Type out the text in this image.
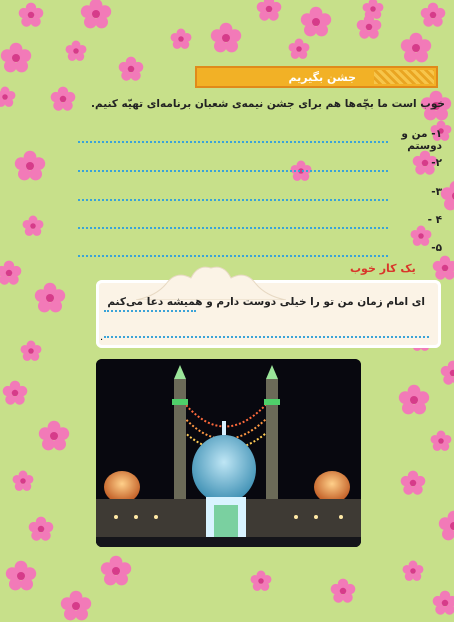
جشن بگیریم
خوب است ما بچّه‌ها هم برای جشن نیمه‌ی شعبان برنامه‌ای تهیّه کنیم.
۱- من و دوستم
۲-
۳-
۴ -
۵-
یک کار خوب
ای امام زمان من تو را خیلی دوست دارم و همیشه دعا می‌کنم
.
